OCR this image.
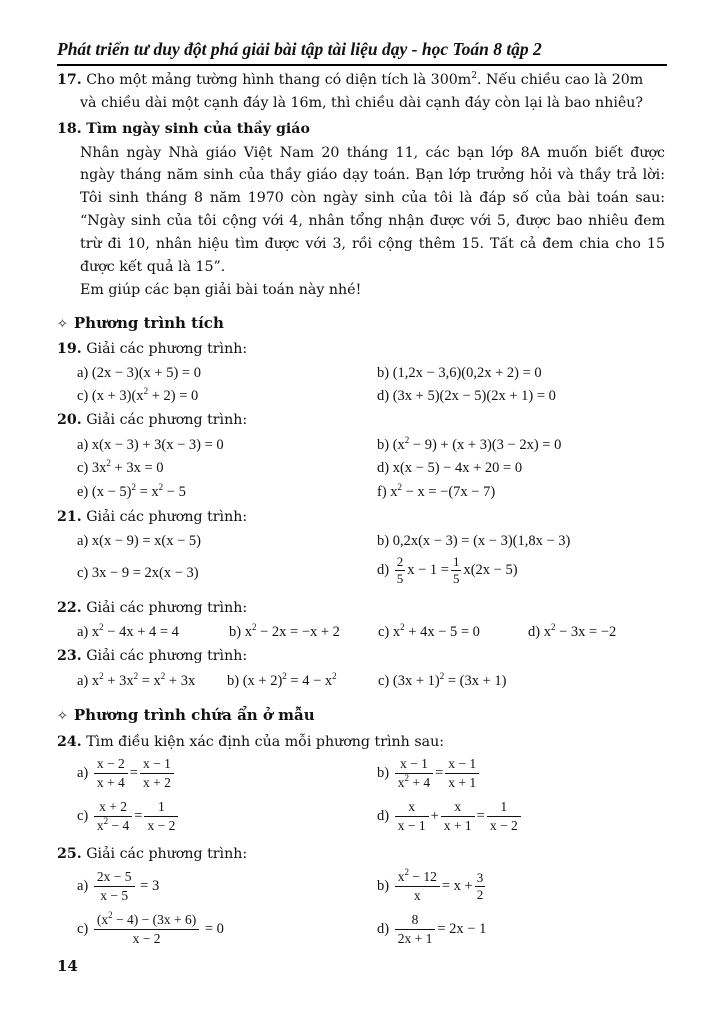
Phát triển tư duy đột phá giải bài tập tài liệu dạy - học Toán 8 tập 2
17. Cho một mảng tường hình thang có diện tích là $300m^2$. Nếu chiều cao là 20m
và chiều dài một cạnh đáy là 16m, thì chiều dài cạnh đáy còn lại là bao nhiêu?
18. Tìm ngày sinh của thầy giáo
Nhân ngày Nhà giáo Việt Nam 20 tháng 11, các bạn lớp 8A muốn biết được
ngày tháng năm sinh của thầy giáo dạy toán. Bạn lớp trưởng hỏi và thầy trả lời:
Tôi sinh tháng 8 năm 1970 còn ngày sinh của tôi là đáp số của bài toán sau:
“Ngày sinh của tôi cộng với 4, nhân tổng nhận được với 5, được bao nhiêu đem
trừ đi 10, nhân hiệu tìm được với 3, rồi cộng thêm 15. Tất cả đem chia cho 15
được kết quả là 15”.
Em giúp các bạn giải bài toán này nhé!
✧ Phương trình tích
19. Giải các phương trình:
a) (2x − 3)(x + 5) = 0	b) (1,2x − 3,6)(0,2x + 2) = 0
c) $(x + 3)(x^2 + 2) = 0$	d) (3x + 5)(2x − 5)(2x + 1) = 0
20. Giải các phương trình:
a) x(x − 3) + 3(x − 3) = 0	b) $(x^2 - 9) + (x + 3)(3 - 2x) = 0$
c) $3x^2 + 3x = 0$	d) x(x − 5) − 4x + 20 = 0
e) $(x - 5)^2 = x^2 - 5$	f) $x^2 - x = -(7x - 7)$
21. Giải các phương trình:
a) x(x − 9) = x(x − 5)	b) 0,2x(x − 3) = (x − 3)(1,8x − 3)
c) 3x − 9 = 2x(x − 3)	$d) \frac{2}{5}$ $x - 1 = \frac{1}{5} x(2x - 5)$
22. Giải các phương trình:
a) $x^2 - 4x + 4 = 4$	b) $x^2 - 2x = -x + 2$	c) $x^2 + 4x - 5 = 0$	d) $x^2 - 3x = -2$
23. Giải các phương trình:
a) $x^2 + 3x^2 = x^2 + 3x$ b) $(x + 2)^2 = 4 - x^2$	c) $(3x + 1)^2 = (3x + 1)$
✧ Phương trình chứa ẩn ở mẫu
24. Tìm điều kiện xác định của mỗi phương trình sau:
$a) \frac{x - 2}{x + 4} = \frac{x - 1}{x + 2}$	$b) \frac{x - 1}{x^2 + 4} = \frac{x - 1}{x + 1}$
$c) \frac{x + 2}{x^2 - 4} = \frac{1}{x - 2}$	$d) \frac{x}{x - 1} + \frac{x}{x + 1} = \frac{1}{x - 2}$
25. Giải các phương trình:
$a) \frac{2x - 5}{x - 5} = 3$	$b) \frac{x^2 - 12}{x} = x + \frac{3}{2}$
$c) \frac{(x^2 - 4) - (3x + 6)}{x - 2} = 0$	$d) \frac{8}{2x + 1} = 2x - 1$
14
